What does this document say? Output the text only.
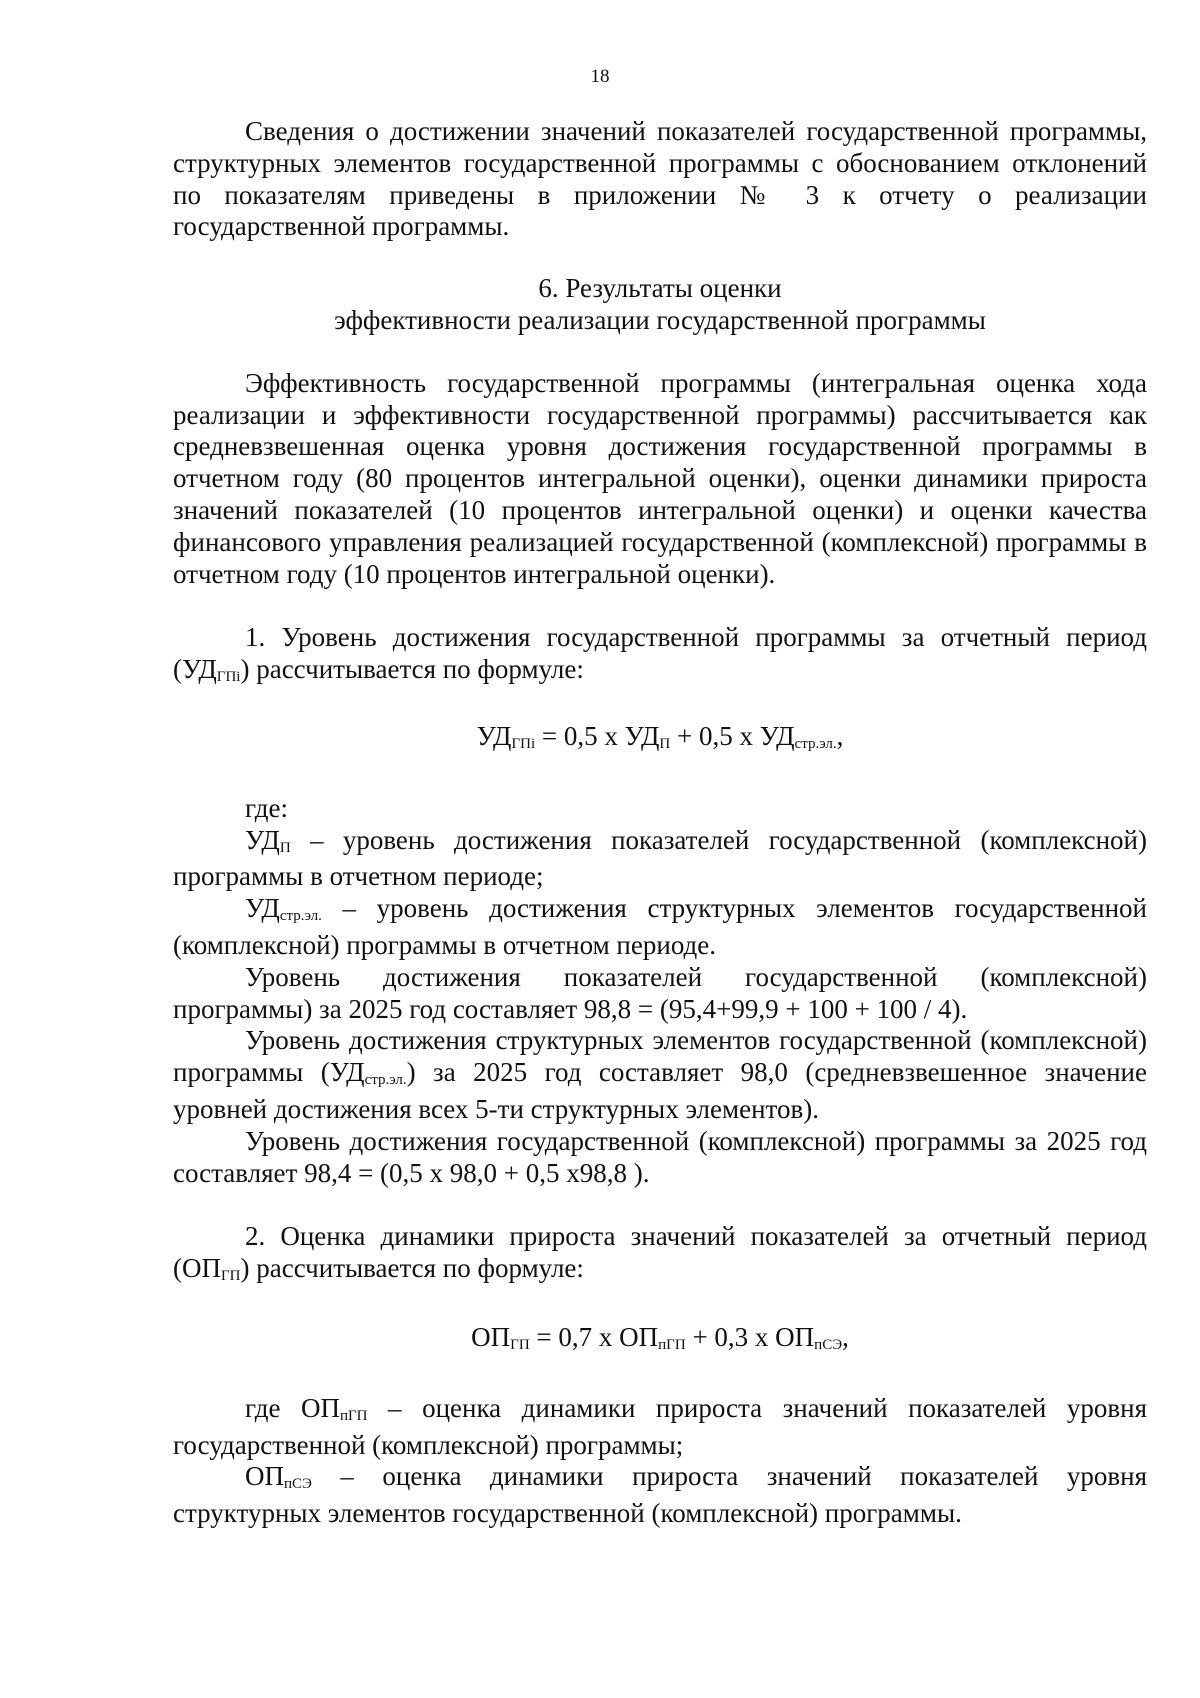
18

Сведения о достижении значений показателей государственной программы, структурных элементов государственной программы с обоснованием отклонений по показателям приведены в приложении № 3 к отчету о реализации государственной программы.

6. Результаты оценки

эффективности реализации государственной программы

Эффективность государственной программы (интегральная оценка хода реализации и эффективности государственной программы) рассчитывается как средневзвешенная оценка уровня достижения государственной программы в отчетном году (80 процентов интегральной оценки), оценки динамики прироста значений показателей (10 процентов интегральной оценки) и оценки качества финансового управления реализацией государственной (комплексной) программы в отчетном году (10 процентов интегральной оценки).

1. Уровень достижения государственной программы за отчетный период $(УД_{ГПi})$ рассчитывается по формуле:

$УД_{ГПi} = 0,5$ х $УД_П + 0,5$ х $УД_{стр.эл.}$,

где:

$УД_П$ – уровень достижения показателей государственной (комплексной) программы в отчетном периоде;

$УД_{стр.эл.}$ – уровень достижения структурных элементов государственной (комплексной) программы в отчетном периоде.

Уровень достижения показателей государственной (комплексной) программы) за 2025 год составляет 98,8 = (95,4+99,9 + 100 + 100 / 4).

Уровень достижения структурных элементов государственной (комплексной) программы $(УД_{стр.эл.})$ за 2025 год составляет 98,0 (средневзвешенное значение уровней достижения всех 5-ти структурных элементов).

Уровень достижения государственной (комплексной) программы за 2025 год составляет 98,4 = (0,5 х 98,0 + 0,5 х98,8 ).

2. Оценка динамики прироста значений показателей за отчетный период $(ОП_{ГП})$ рассчитывается по формуле:

$ОП_{ГП} = 0,7$ х $ОП_{пГП} + 0,3$ х $ОП_{пСЭ}$,

где $ОП_{пГП}$ – оценка динамики прироста значений показателей уровня государственной (комплексной) программы;

$ОП_{пСЭ}$ – оценка динамики прироста значений показателей уровня структурных элементов государственной (комплексной) программы.
